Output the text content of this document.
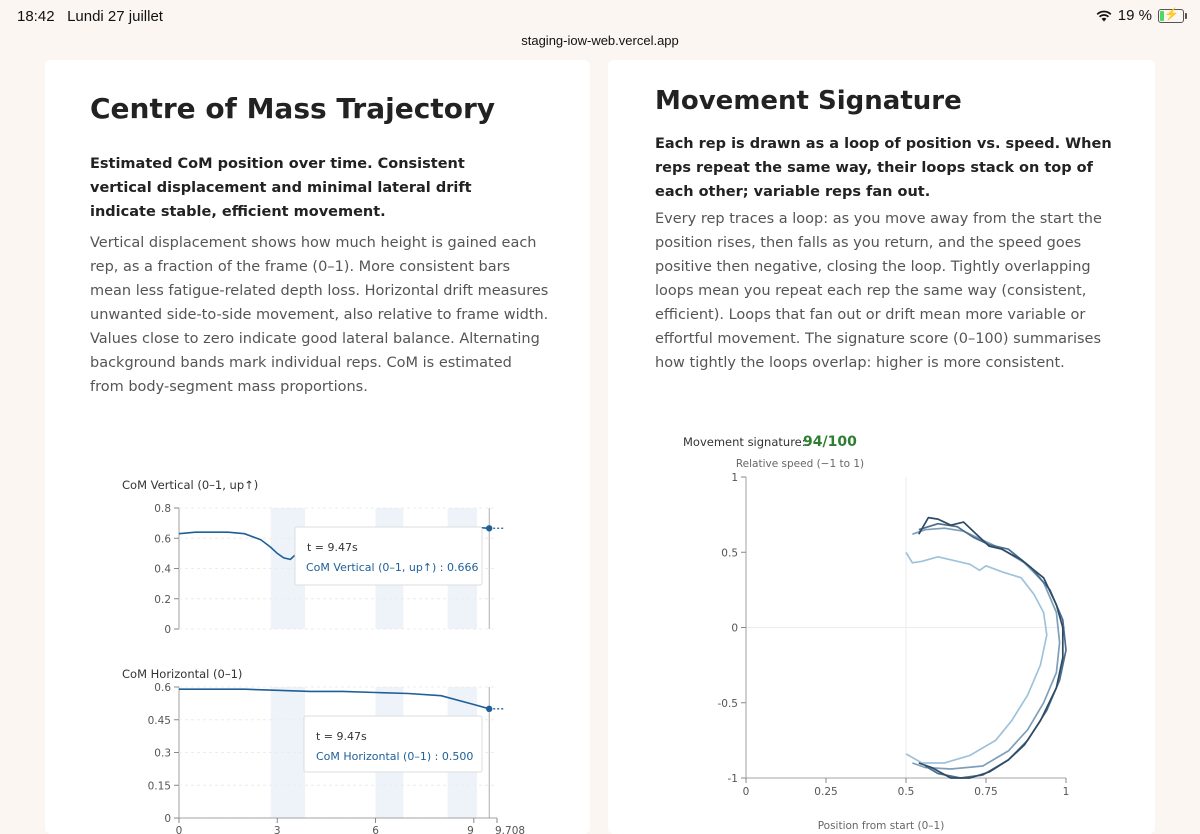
18:42 Lundi 27 juillet	19 % ⚡
staging-iow-web.vercel.app
Centre of Mass Trajectory
Estimated CoM position over time. Consistent vertical displacement and minimal lateral drift indicate stable, efficient movement.
Vertical displacement shows how much height is gained each rep, as a fraction of the frame (0–1). More consistent bars mean less fatigue-related depth loss. Horizontal drift measures unwanted side-to-side movement, also relative to frame width. Values close to zero indicate good lateral balance. Alternating background bands mark individual reps. CoM is estimated from body-segment mass proportions.
CoM Vertical (0–1, up↑)
0
0.2
0.4
0.6
0.8
t = 9.47s
CoM Vertical (0–1, up↑) : 0.666
CoM Horizontal (0–1)
0
0.15
0.3
0.45
0.6
t = 9.47s
CoM Horizontal (0–1) : 0.500
0	3	6	9 9.708
Movement Signature
Each rep is drawn as a loop of position vs. speed. When reps repeat the same way, their loops stack on top of each other; variable reps fan out.
Every rep traces a loop: as you move away from the start the position rises, then falls as you return, and the speed goes positive then negative, closing the loop. Tightly overlapping loops mean you repeat each rep the same way (consistent, efficient). Loops that fan out or drift mean more variable or effortful movement. The signature score (0–100) summarises how tightly the loops overlap: higher is more consistent.
Movement signature:
94/100
Relative speed (−1 to 1)
Position from start (0–1)
-1
-0.5
0
0.5
1
0	0.25	0.5	0.75	1
